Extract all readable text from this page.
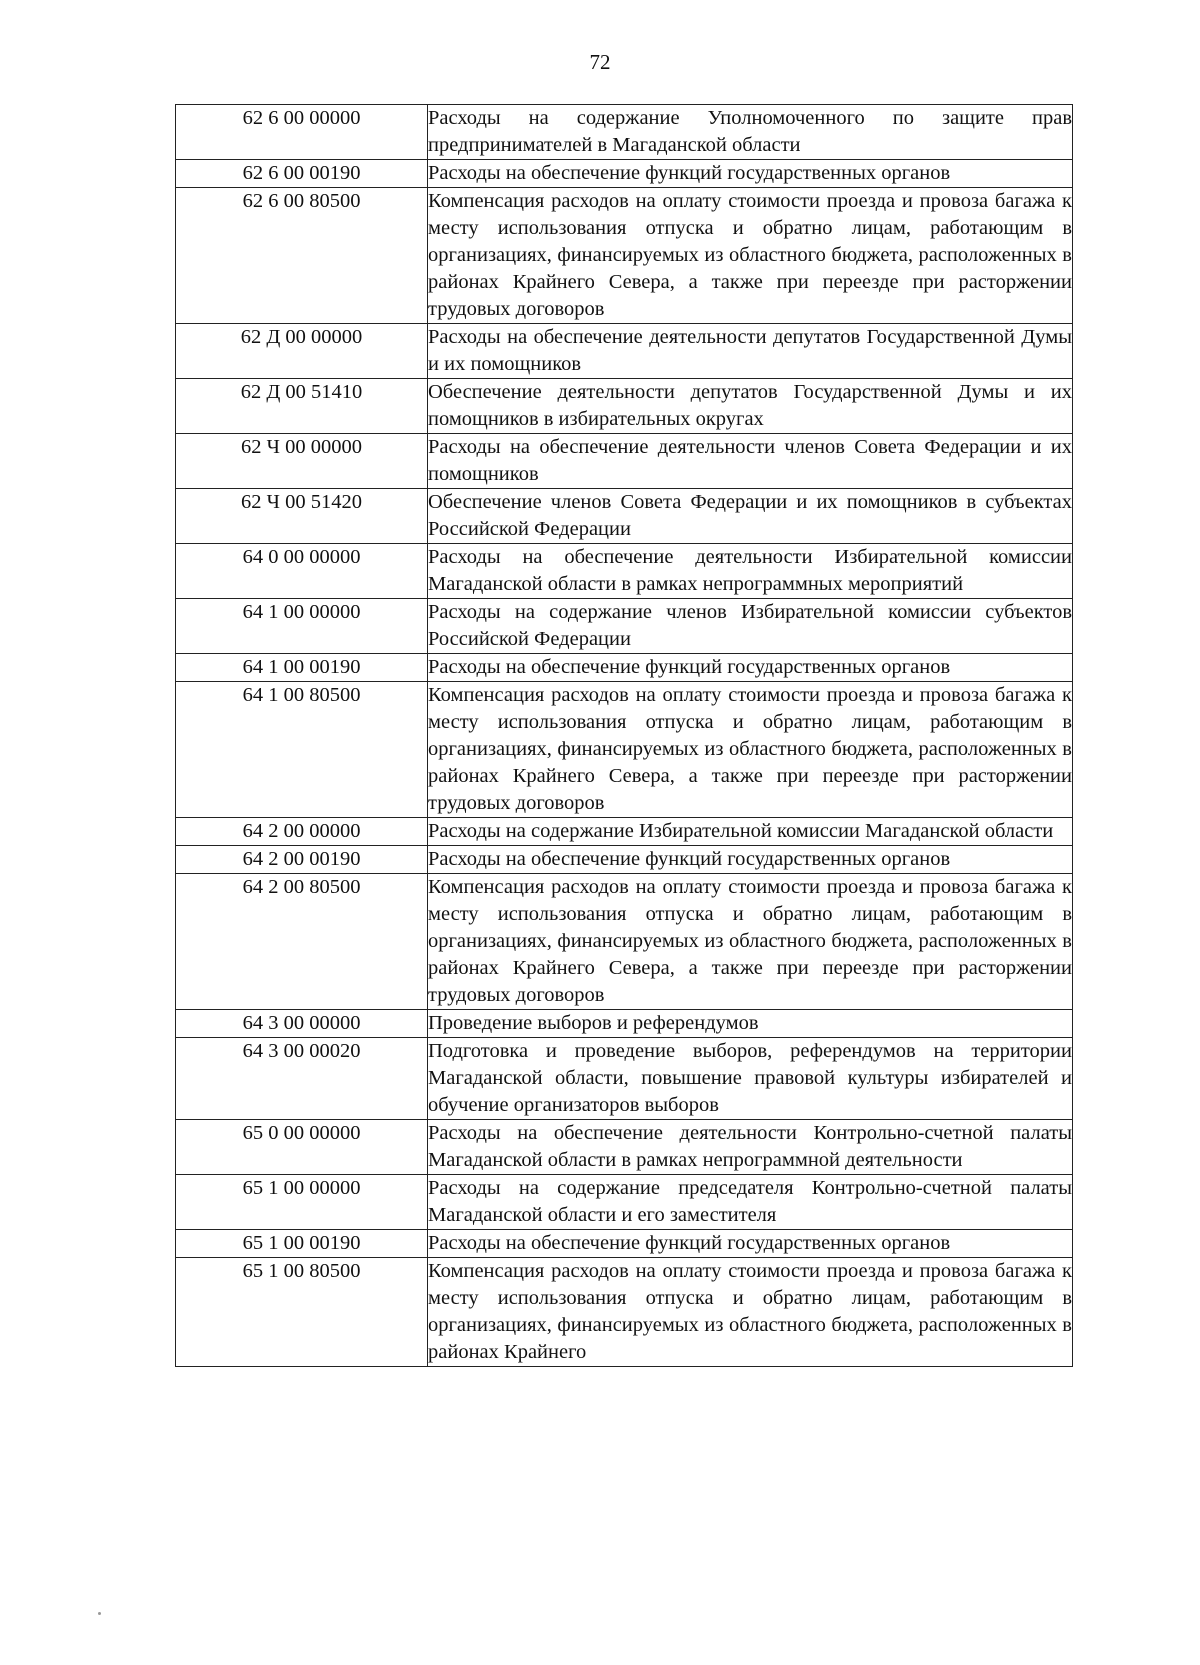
72
62 6 00 00000	Расходы на содержание Уполномоченного по защите прав предпринимателей в Магаданской области
62 6 00 00190	Расходы на обеспечение функций государственных органов
62 6 00 80500	Компенсация расходов на оплату стоимости проезда и провоза багажа к месту использования отпуска и обратно лицам, работающим в организациях, финансируемых из областного бюджета, расположенных в районах Крайнего Севера, а также при переезде при расторжении трудовых договоров
62 Д 00 00000	Расходы на обеспечение деятельности депутатов Государственной Думы и их помощников
62 Д 00 51410	Обеспечение деятельности депутатов Государственной Думы и их помощников в избирательных округах
62 Ч 00 00000	Расходы на обеспечение деятельности членов Совета Федерации и их помощников
62 Ч 00 51420	Обеспечение членов Совета Федерации и их помощников в субъектах Российской Федерации
64 0 00 00000	Расходы на обеспечение деятельности Избирательной комиссии Магаданской области в рамках непрограммных мероприятий
64 1 00 00000	Расходы на содержание членов Избирательной комиссии субъектов Российской Федерации
64 1 00 00190	Расходы на обеспечение функций государственных органов
64 1 00 80500	Компенсация расходов на оплату стоимости проезда и провоза багажа к месту использования отпуска и обратно лицам, работающим в организациях, финансируемых из областного бюджета, расположенных в районах Крайнего Севера, а также при переезде при расторжении трудовых договоров
64 2 00 00000	Расходы на содержание Избирательной комиссии Магаданской области
64 2 00 00190	Расходы на обеспечение функций государственных органов
64 2 00 80500	Компенсация расходов на оплату стоимости проезда и провоза багажа к месту использования отпуска и обратно лицам, работающим в организациях, финансируемых из областного бюджета, расположенных в районах Крайнего Севера, а также при переезде при расторжении трудовых договоров
64 3 00 00000	Проведение выборов и референдумов
64 3 00 00020	Подготовка и проведение выборов, референдумов на территории Магаданской области, повышение правовой культуры избирателей и обучение организаторов выборов
65 0 00 00000	Расходы на обеспечение деятельности Контрольно-счетной палаты Магаданской области в рамках непрограммной деятельности
65 1 00 00000	Расходы на содержание председателя Контрольно-счетной палаты Магаданской области и его заместителя
65 1 00 00190	Расходы на обеспечение функций государственных органов
65 1 00 80500	Компенсация расходов на оплату стоимости проезда и провоза багажа к месту использования отпуска и обратно лицам, работающим в организациях, финансируемых из областного бюджета, расположенных в районах Крайнего
